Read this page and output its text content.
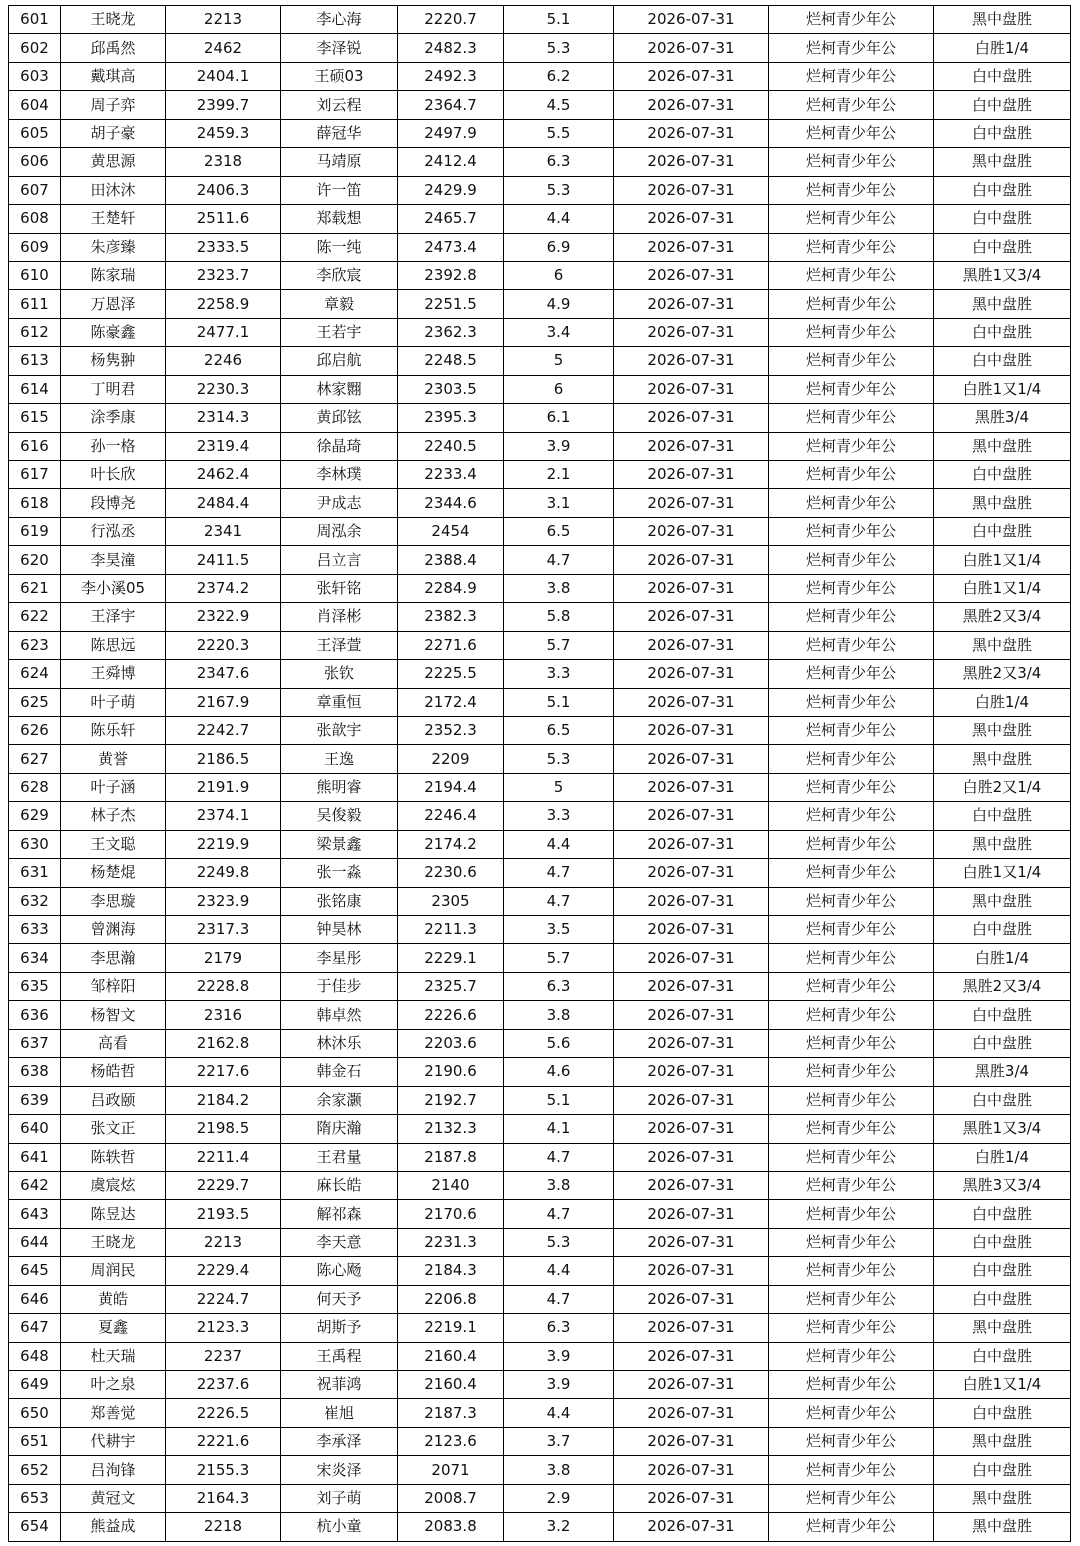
601	王晓龙	2213	李心海	2220.7	5.1	2026-07-31	烂柯青少年公	黑中盘胜
602	邱禹然	2462	李泽锐	2482.3	5.3	2026-07-31	烂柯青少年公	白胜1/4
603	戴琪高	2404.1	王硕03	2492.3	6.2	2026-07-31	烂柯青少年公	白中盘胜
604	周子弈	2399.7	刘云程	2364.7	4.5	2026-07-31	烂柯青少年公	白中盘胜
605	胡子豪	2459.3	薛冠华	2497.9	5.5	2026-07-31	烂柯青少年公	白中盘胜
606	黄思源	2318	马靖原	2412.4	6.3	2026-07-31	烂柯青少年公	黑中盘胜
607	田沐沐	2406.3	许一笛	2429.9	5.3	2026-07-31	烂柯青少年公	白中盘胜
608	王楚轩	2511.6	郑载想	2465.7	4.4	2026-07-31	烂柯青少年公	白中盘胜
609	朱彦臻	2333.5	陈一纯	2473.4	6.9	2026-07-31	烂柯青少年公	白中盘胜
610	陈家瑞	2323.7	李欣宸	2392.8	6	2026-07-31	烂柯青少年公	黑胜1又3/4
611	万恩泽	2258.9	章毅	2251.5	4.9	2026-07-31	烂柯青少年公	黑中盘胜
612	陈豪鑫	2477.1	王若宇	2362.3	3.4	2026-07-31	烂柯青少年公	白中盘胜
613	杨隽翀	2246	邱启航	2248.5	5	2026-07-31	烂柯青少年公	白中盘胜
614	丁明君	2230.3	林家翾	2303.5	6	2026-07-31	烂柯青少年公	白胜1又1/4
615	涂季康	2314.3	黄邱铉	2395.3	6.1	2026-07-31	烂柯青少年公	黑胜3/4
616	孙一格	2319.4	徐晶琦	2240.5	3.9	2026-07-31	烂柯青少年公	黑中盘胜
617	叶长欣	2462.4	李林璞	2233.4	2.1	2026-07-31	烂柯青少年公	白中盘胜
618	段博尧	2484.4	尹成志	2344.6	3.1	2026-07-31	烂柯青少年公	黑中盘胜
619	行泓丞	2341	周泓余	2454	6.5	2026-07-31	烂柯青少年公	白中盘胜
620	李昊潼	2411.5	吕立言	2388.4	4.7	2026-07-31	烂柯青少年公	白胜1又1/4
621	李小溪05	2374.2	张轩铭	2284.9	3.8	2026-07-31	烂柯青少年公	白胜1又1/4
622	王泽宇	2322.9	肖泽彬	2382.3	5.8	2026-07-31	烂柯青少年公	黑胜2又3/4
623	陈思远	2220.3	王泽萱	2271.6	5.7	2026-07-31	烂柯青少年公	黑中盘胜
624	王舜博	2347.6	张钦	2225.5	3.3	2026-07-31	烂柯青少年公	黑胜2又3/4
625	叶子萌	2167.9	章重恒	2172.4	5.1	2026-07-31	烂柯青少年公	白胜1/4
626	陈乐轩	2242.7	张歆宇	2352.3	6.5	2026-07-31	烂柯青少年公	黑中盘胜
627	黄誉	2186.5	王逸	2209	5.3	2026-07-31	烂柯青少年公	黑中盘胜
628	叶子涵	2191.9	熊明睿	2194.4	5	2026-07-31	烂柯青少年公	白胜2又1/4
629	林子杰	2374.1	吴俊毅	2246.4	3.3	2026-07-31	烂柯青少年公	白中盘胜
630	王文聪	2219.9	梁景鑫	2174.2	4.4	2026-07-31	烂柯青少年公	黑中盘胜
631	杨楚焜	2249.8	张一淼	2230.6	4.7	2026-07-31	烂柯青少年公	白胜1又1/4
632	李思璇	2323.9	张铭康	2305	4.7	2026-07-31	烂柯青少年公	黑中盘胜
633	曾渊海	2317.3	钟昊林	2211.3	3.5	2026-07-31	烂柯青少年公	白中盘胜
634	李思瀚	2179	李星彤	2229.1	5.7	2026-07-31	烂柯青少年公	白胜1/4
635	邹梓阳	2228.8	于佳步	2325.7	6.3	2026-07-31	烂柯青少年公	黑胜2又3/4
636	杨智文	2316	韩卓然	2226.6	3.8	2026-07-31	烂柯青少年公	白中盘胜
637	高看	2162.8	林沐乐	2203.6	5.6	2026-07-31	烂柯青少年公	白中盘胜
638	杨皓哲	2217.6	韩金石	2190.6	4.6	2026-07-31	烂柯青少年公	黑胜3/4
639	吕政颐	2184.2	余家灏	2192.7	5.1	2026-07-31	烂柯青少年公	白中盘胜
640	张文正	2198.5	隋庆瀚	2132.3	4.1	2026-07-31	烂柯青少年公	黑胜1又3/4
641	陈轶哲	2211.4	王君量	2187.8	4.7	2026-07-31	烂柯青少年公	白胜1/4
642	虞宸炫	2229.7	麻长皓	2140	3.8	2026-07-31	烂柯青少年公	黑胜3又3/4
643	陈昱达	2193.5	解祁森	2170.6	4.7	2026-07-31	烂柯青少年公	白中盘胜
644	王晓龙	2213	李天意	2231.3	5.3	2026-07-31	烂柯青少年公	白中盘胜
645	周润民	2229.4	陈心飏	2184.3	4.4	2026-07-31	烂柯青少年公	白中盘胜
646	黄皓	2224.7	何天予	2206.8	4.7	2026-07-31	烂柯青少年公	白中盘胜
647	夏鑫	2123.3	胡斯予	2219.1	6.3	2026-07-31	烂柯青少年公	黑中盘胜
648	杜天瑞	2237	王禹程	2160.4	3.9	2026-07-31	烂柯青少年公	白中盘胜
649	叶之泉	2237.6	祝菲鸿	2160.4	3.9	2026-07-31	烂柯青少年公	白胜1又1/4
650	郑善觉	2226.5	崔旭	2187.3	4.4	2026-07-31	烂柯青少年公	白中盘胜
651	代耕宇	2221.6	李承泽	2123.6	3.7	2026-07-31	烂柯青少年公	黑中盘胜
652	吕洵锋	2155.3	宋炎泽	2071	3.8	2026-07-31	烂柯青少年公	白中盘胜
653	黄冠文	2164.3	刘子萌	2008.7	2.9	2026-07-31	烂柯青少年公	黑中盘胜
654	熊益成	2218	杭小童	2083.8	3.2	2026-07-31	烂柯青少年公	黑中盘胜
